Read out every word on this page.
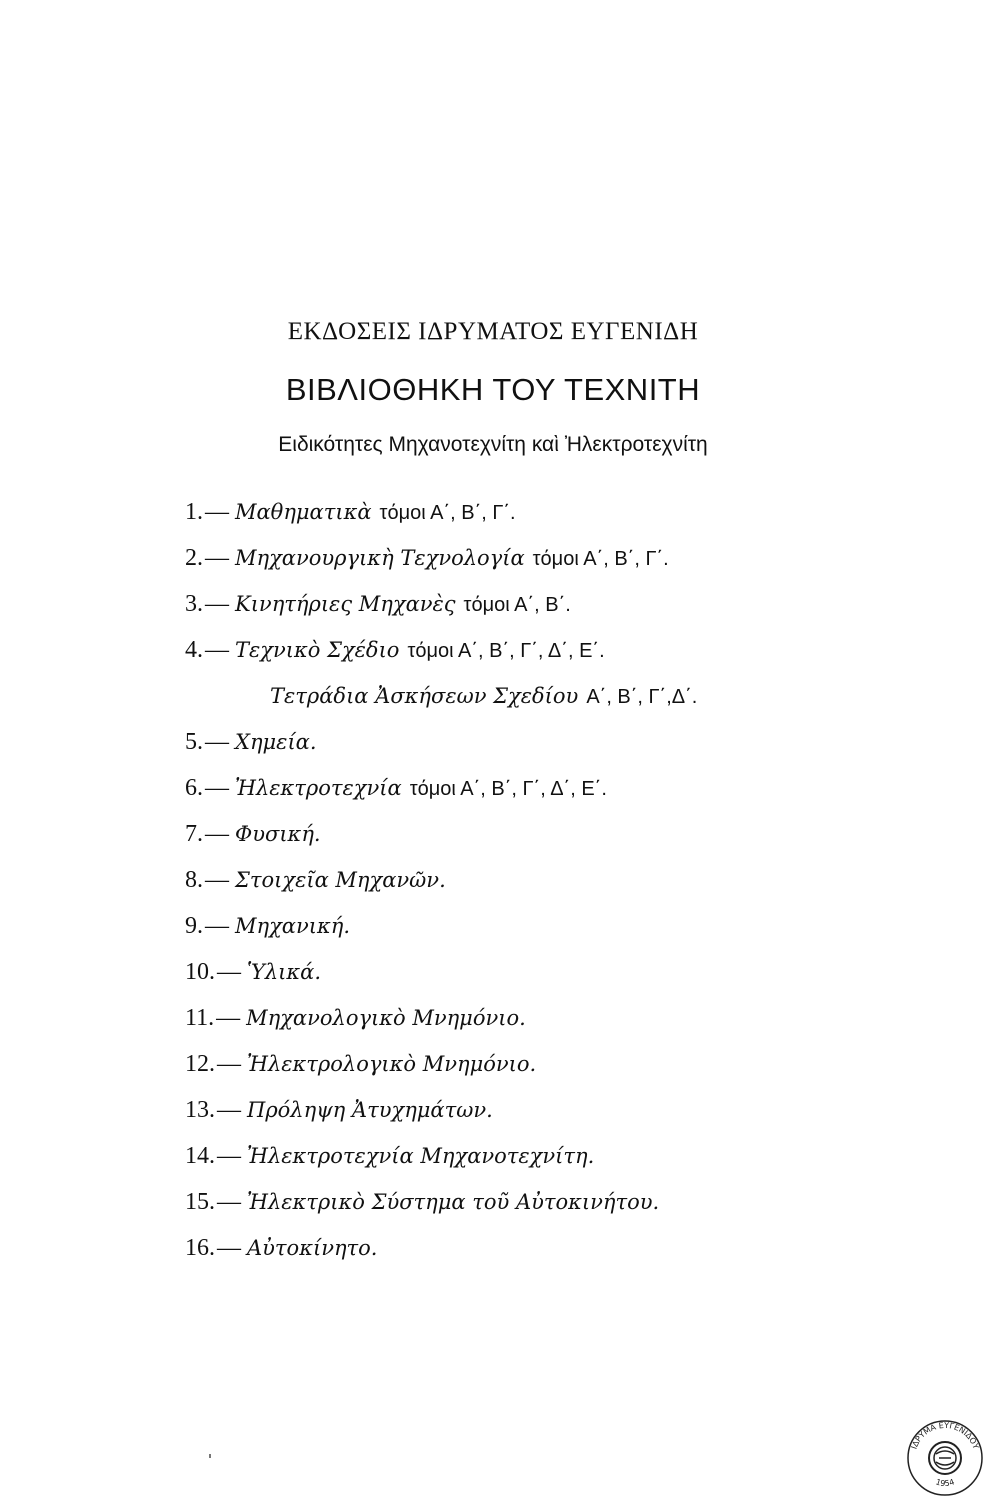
ΕΚΔΟΣΕΙΣ ΙΔΡΥΜΑΤΟΣ ΕΥΓΕΝΙΔΗ
ΒΙΒΛΙΟΘΗΚΗ ΤΟΥ ΤΕΧΝΙΤΗ
Ειδικότητες Μηχανοτεχνίτη καὶ Ἠλεκτροτεχνίτη
1.— Μαθηματικὰ τόμοι Α΄, Β΄, Γ΄.
2.— Μηχανουργικὴ Τεχνολογία τόμοι Α΄, Β΄, Γ΄.
3.— Κινητήριες Μηχανὲς τόμοι Α΄, Β΄.
4.— Τεχνικὸ Σχέδιο τόμοι Α΄, Β΄, Γ΄, Δ΄, Ε΄.
Τετράδια Ἀσκήσεων Σχεδίου Α΄, Β΄, Γ΄,Δ΄.
5.— Χημεία.
6.— Ἠλεκτροτεχνία τόμοι Α΄, Β΄, Γ΄, Δ΄, Ε΄.
7.— Φυσική.
8.— Στοιχεῖα Μηχανῶν.
9.— Μηχανική.
10.— Ὑλικά.
11.— Μηχανολογικὸ Μνημόνιο.
12.— Ἠλεκτρολογικὸ Μνημόνιο.
13.— Πρόληψη Ἀτυχημάτων.
14.— Ἠλεκτροτεχνία Μηχανοτεχνίτη.
15.— Ἠλεκτρικὸ Σύστημα τοῦ Αὐτοκινήτου.
16.— Αὐτοκίνητο.
ΙΔΡΥΜΑ ΕΥΓΕΝΙΔΟΥ
1954
